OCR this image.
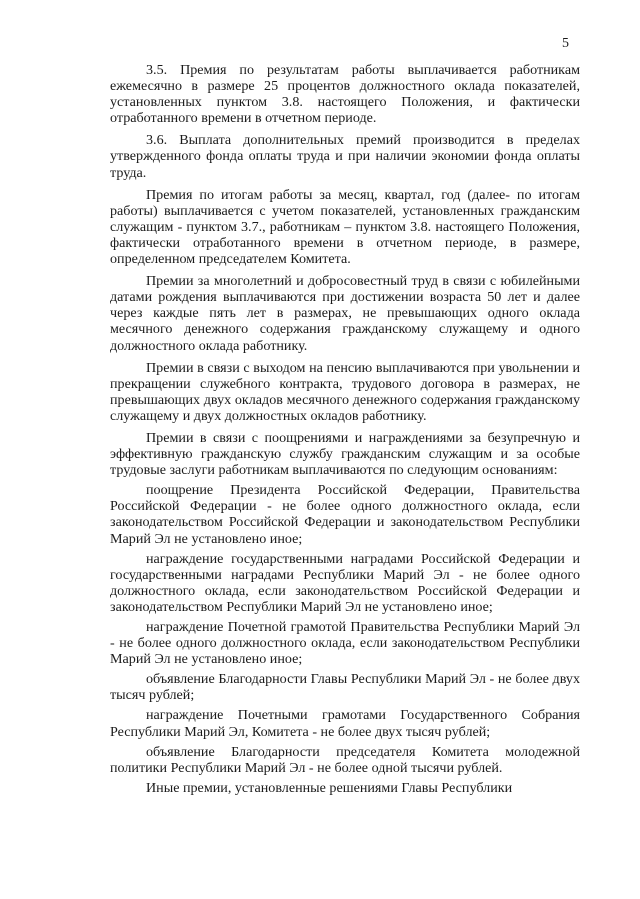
5

3.5. Премия по результатам работы выплачивается работникам ежемесячно в размере 25 процентов должностного оклада показателей, установленных пунктом 3.8. настоящего Положения, и фактически отработанного времени в отчетном периоде.

3.6. Выплата дополнительных премий производится в пределах утвержденного фонда оплаты труда и при наличии экономии фонда оплаты труда.

Премия по итогам работы за месяц, квартал, год (далее- по итогам работы) выплачивается с учетом показателей, установленных гражданским служащим - пунктом 3.7., работникам – пунктом 3.8. настоящего Положения, фактически отработанного времени в отчетном периоде, в размере, определенном председателем Комитета.

Премии за многолетний и добросовестный труд в связи с юбилейными датами рождения выплачиваются при достижении возраста 50 лет и далее через каждые пять лет в размерах, не превышающих одного оклада месячного денежного содержания гражданскому служащему и одного должностного оклада работнику.

Премии в связи с выходом на пенсию выплачиваются при увольнении и прекращении служебного контракта, трудового договора в размерах, не превышающих двух окладов месячного денежного содержания гражданскому служащему и двух должностных окладов работнику.

Премии в связи с поощрениями и награждениями за безупречную и эффективную гражданскую службу гражданским служащим и за особые трудовые заслуги работникам выплачиваются по следующим основаниям:

поощрение Президента Российской Федерации, Правительства Российской Федерации - не более одного должностного оклада, если законодательством Российской Федерации и законодательством Республики Марий Эл не установлено иное;

награждение государственными наградами Российской Федерации и государственными наградами Республики Марий Эл - не более одного должностного оклада, если законодательством Российской Федерации и законодательством Республики Марий Эл не установлено иное;

награждение Почетной грамотой Правительства Республики Марий Эл - не более одного должностного оклада, если законодательством Республики Марий Эл не установлено иное;

объявление Благодарности Главы Республики Марий Эл - не более двух тысяч рублей;

награждение Почетными грамотами Государственного Собрания Республики Марий Эл, Комитета - не более двух тысяч рублей;

объявление Благодарности председателя Комитета молодежной политики Республики Марий Эл - не более одной тысячи рублей.

Иные премии, установленные решениями Главы Республики
